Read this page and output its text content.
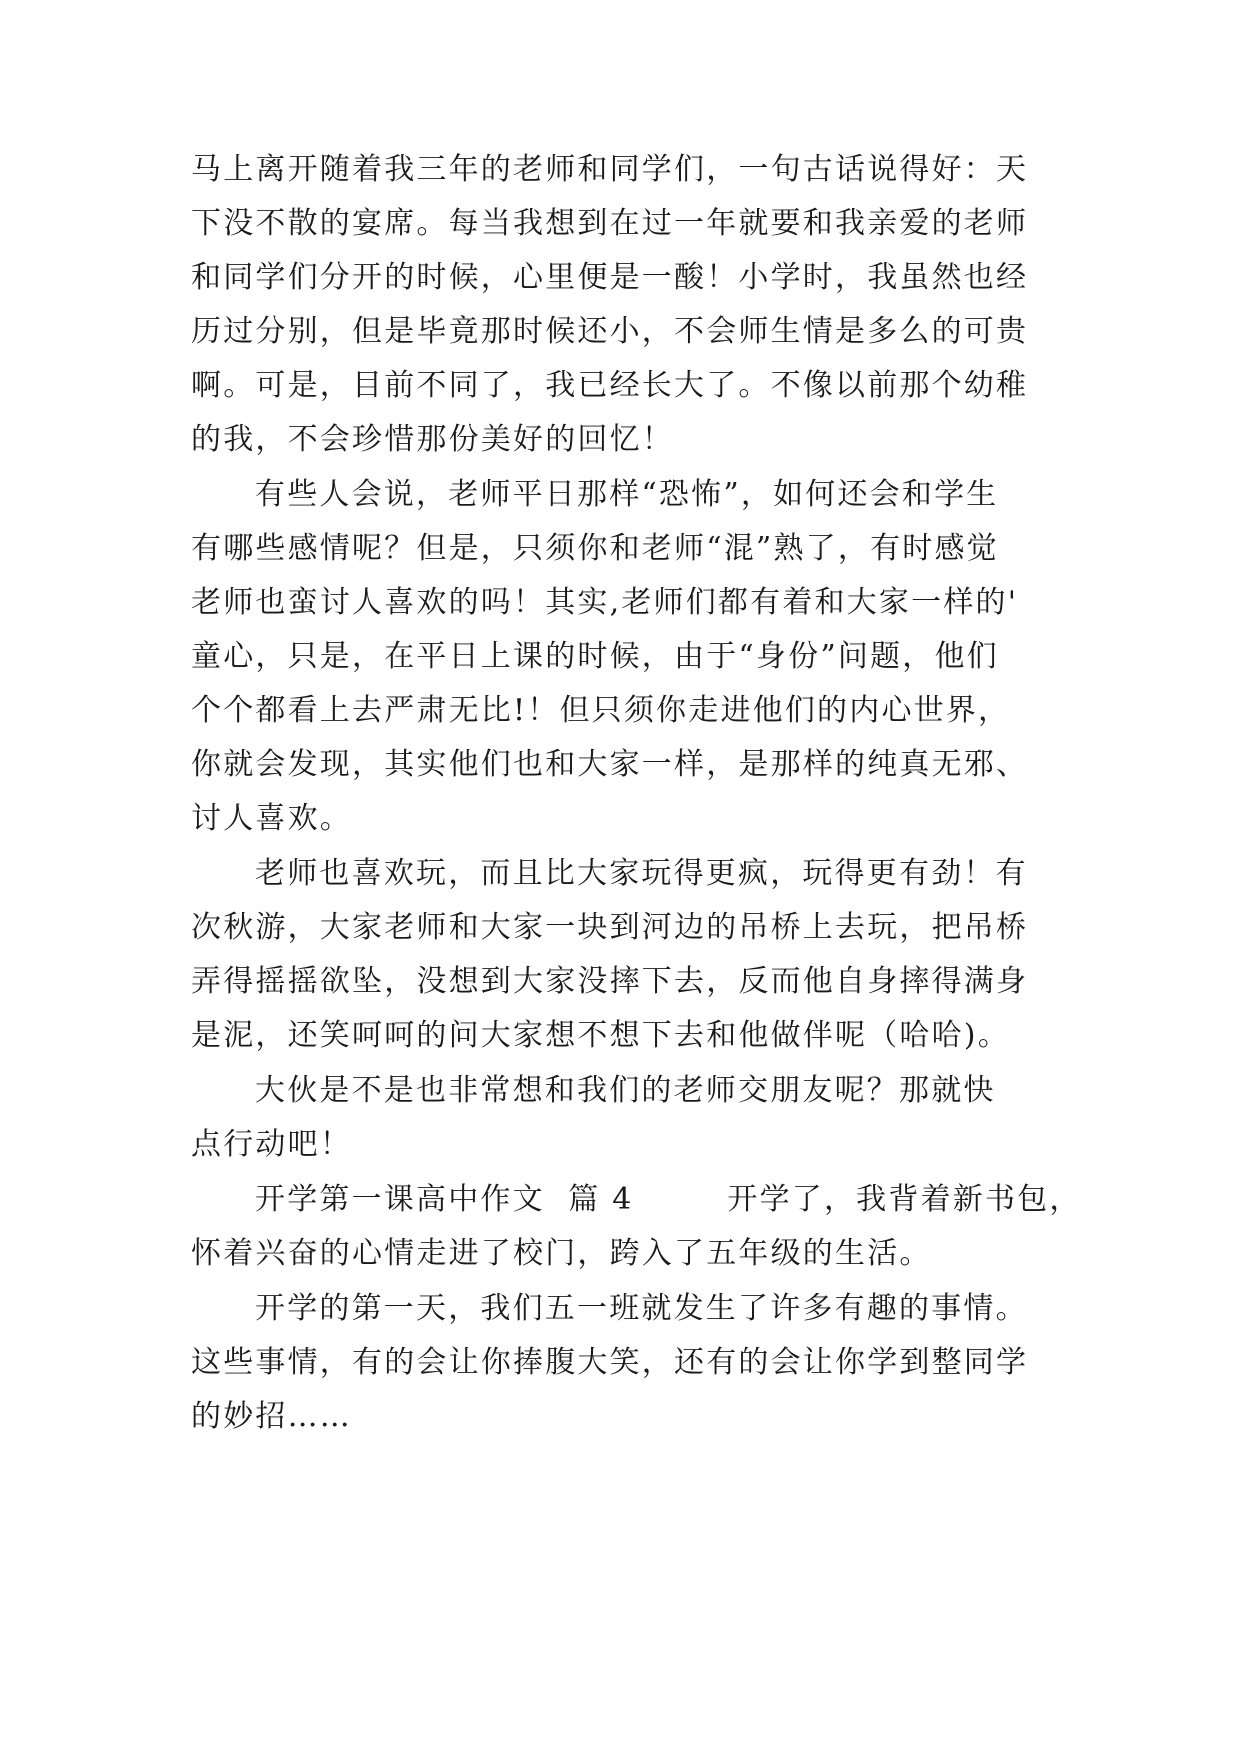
马上离开随着我三年的老师和同学们，一句古话说得好：天
下没不散的宴席。每当我想到在过一年就要和我亲爱的老师
和同学们分开的时候，心里便是一酸！小学时，我虽然也经
历过分别，但是毕竟那时候还小，不会师生情是多么的可贵
啊。可是，目前不同了，我已经长大了。不像以前那个幼稚
的我，不会珍惜那份美好的回忆！
有些人会说，老师平日那样“恐怖”，如何还会和学生
有哪些感情呢？但是，只须你和老师“混”熟了，有时感觉
老师也蛮讨人喜欢的吗！其实,老师们都有着和大家一样的'
童心，只是，在平日上课的时候，由于“身份”问题，他们
个个都看上去严肃无比!！但只须你走进他们的内心世界，
你就会发现，其实他们也和大家一样，是那样的纯真无邪、
讨人喜欢。
老师也喜欢玩，而且比大家玩得更疯，玩得更有劲！有
次秋游，大家老师和大家一块到河边的吊桥上去玩，把吊桥
弄得摇摇欲坠，没想到大家没摔下去，反而他自身摔得满身
是泥，还笑呵呵的问大家想不想下去和他做伴呢（哈哈)。
大伙是不是也非常想和我们的老师交朋友呢？那就快
点行动吧！
开学第一课高中作文  篇 4        开学了，我背着新书包，
怀着兴奋的心情走进了校门，跨入了五年级的生活。
开学的第一天，我们五一班就发生了许多有趣的事情。
这些事情，有的会让你捧腹大笑，还有的会让你学到整同学
的妙招……
